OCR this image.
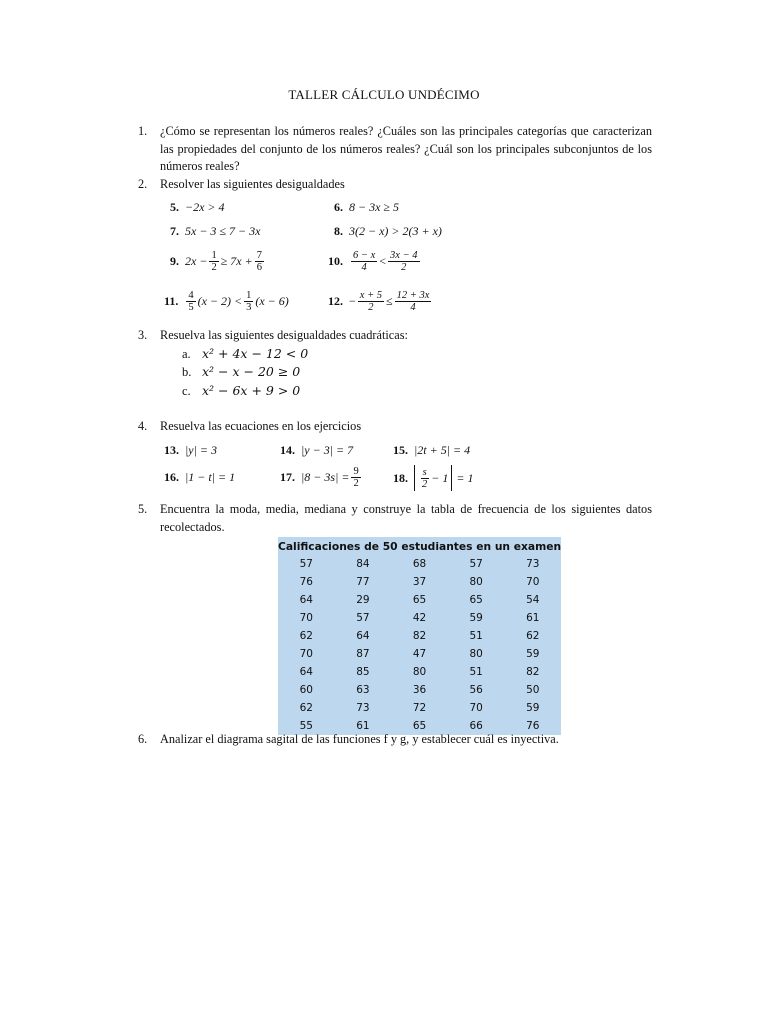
TALLER CÁLCULO UNDÉCIMO
1. ¿Cómo se representan los números reales? ¿Cuáles son las principales categorías que caracterizan las propiedades del conjunto de los números reales? ¿Cuál son los principales subconjuntos de los números reales?
2. Resolver las siguientes desigualdades
5. −2x > 4	6. 8 − 3x ≥ 5
7. 5x − 3 ≤ 7 − 3x	8. 3(2 − x) > 2(3 + x)
9. $2x - \frac{1}{2} \ge 7x + \frac{7}{6}$	10. $\frac{6 - x}{4} < \frac{3x - 4}{2}$
11. $\frac{4}{5} (x - 2) < \frac{1}{3} (x - 6)$	12. − $\frac{x + 5}{2} \le \frac{12 + 3x}{4}$
3. Resuelva las siguientes desigualdades cuadráticas:
a. x² + 4x − 12 < 0
b. x² − x − 20 ≥ 0
c. x² − 6x + 9 > 0
4. Resuelva las ecuaciones en los ejercicios
13. |y| = 3	14. |y − 3| = 7	15. |2t + 5| = 4
16. |1 − t| = 1	17. $|8 - 3s| = \frac{9}{2}$	18. $\frac{s}{2} - 1 = 1$
5. Encuentra la moda, media, mediana y construye la tabla de frecuencia de los siguientes datos recolectados.
Calificaciones de 50 estudiantes en un examen
57	84	68	57	73
76	77	37	80	70
64	29	65	65	54
70	57	42	59	61
62	64	82	51	62
70	87	47	80	59
64	85	80	51	82
60	63	36	56	50
62	73	72	70	59
55	61	65	66	76
6. Analizar el diagrama sagital de las funciones f y g, y establecer cuál es inyectiva.
